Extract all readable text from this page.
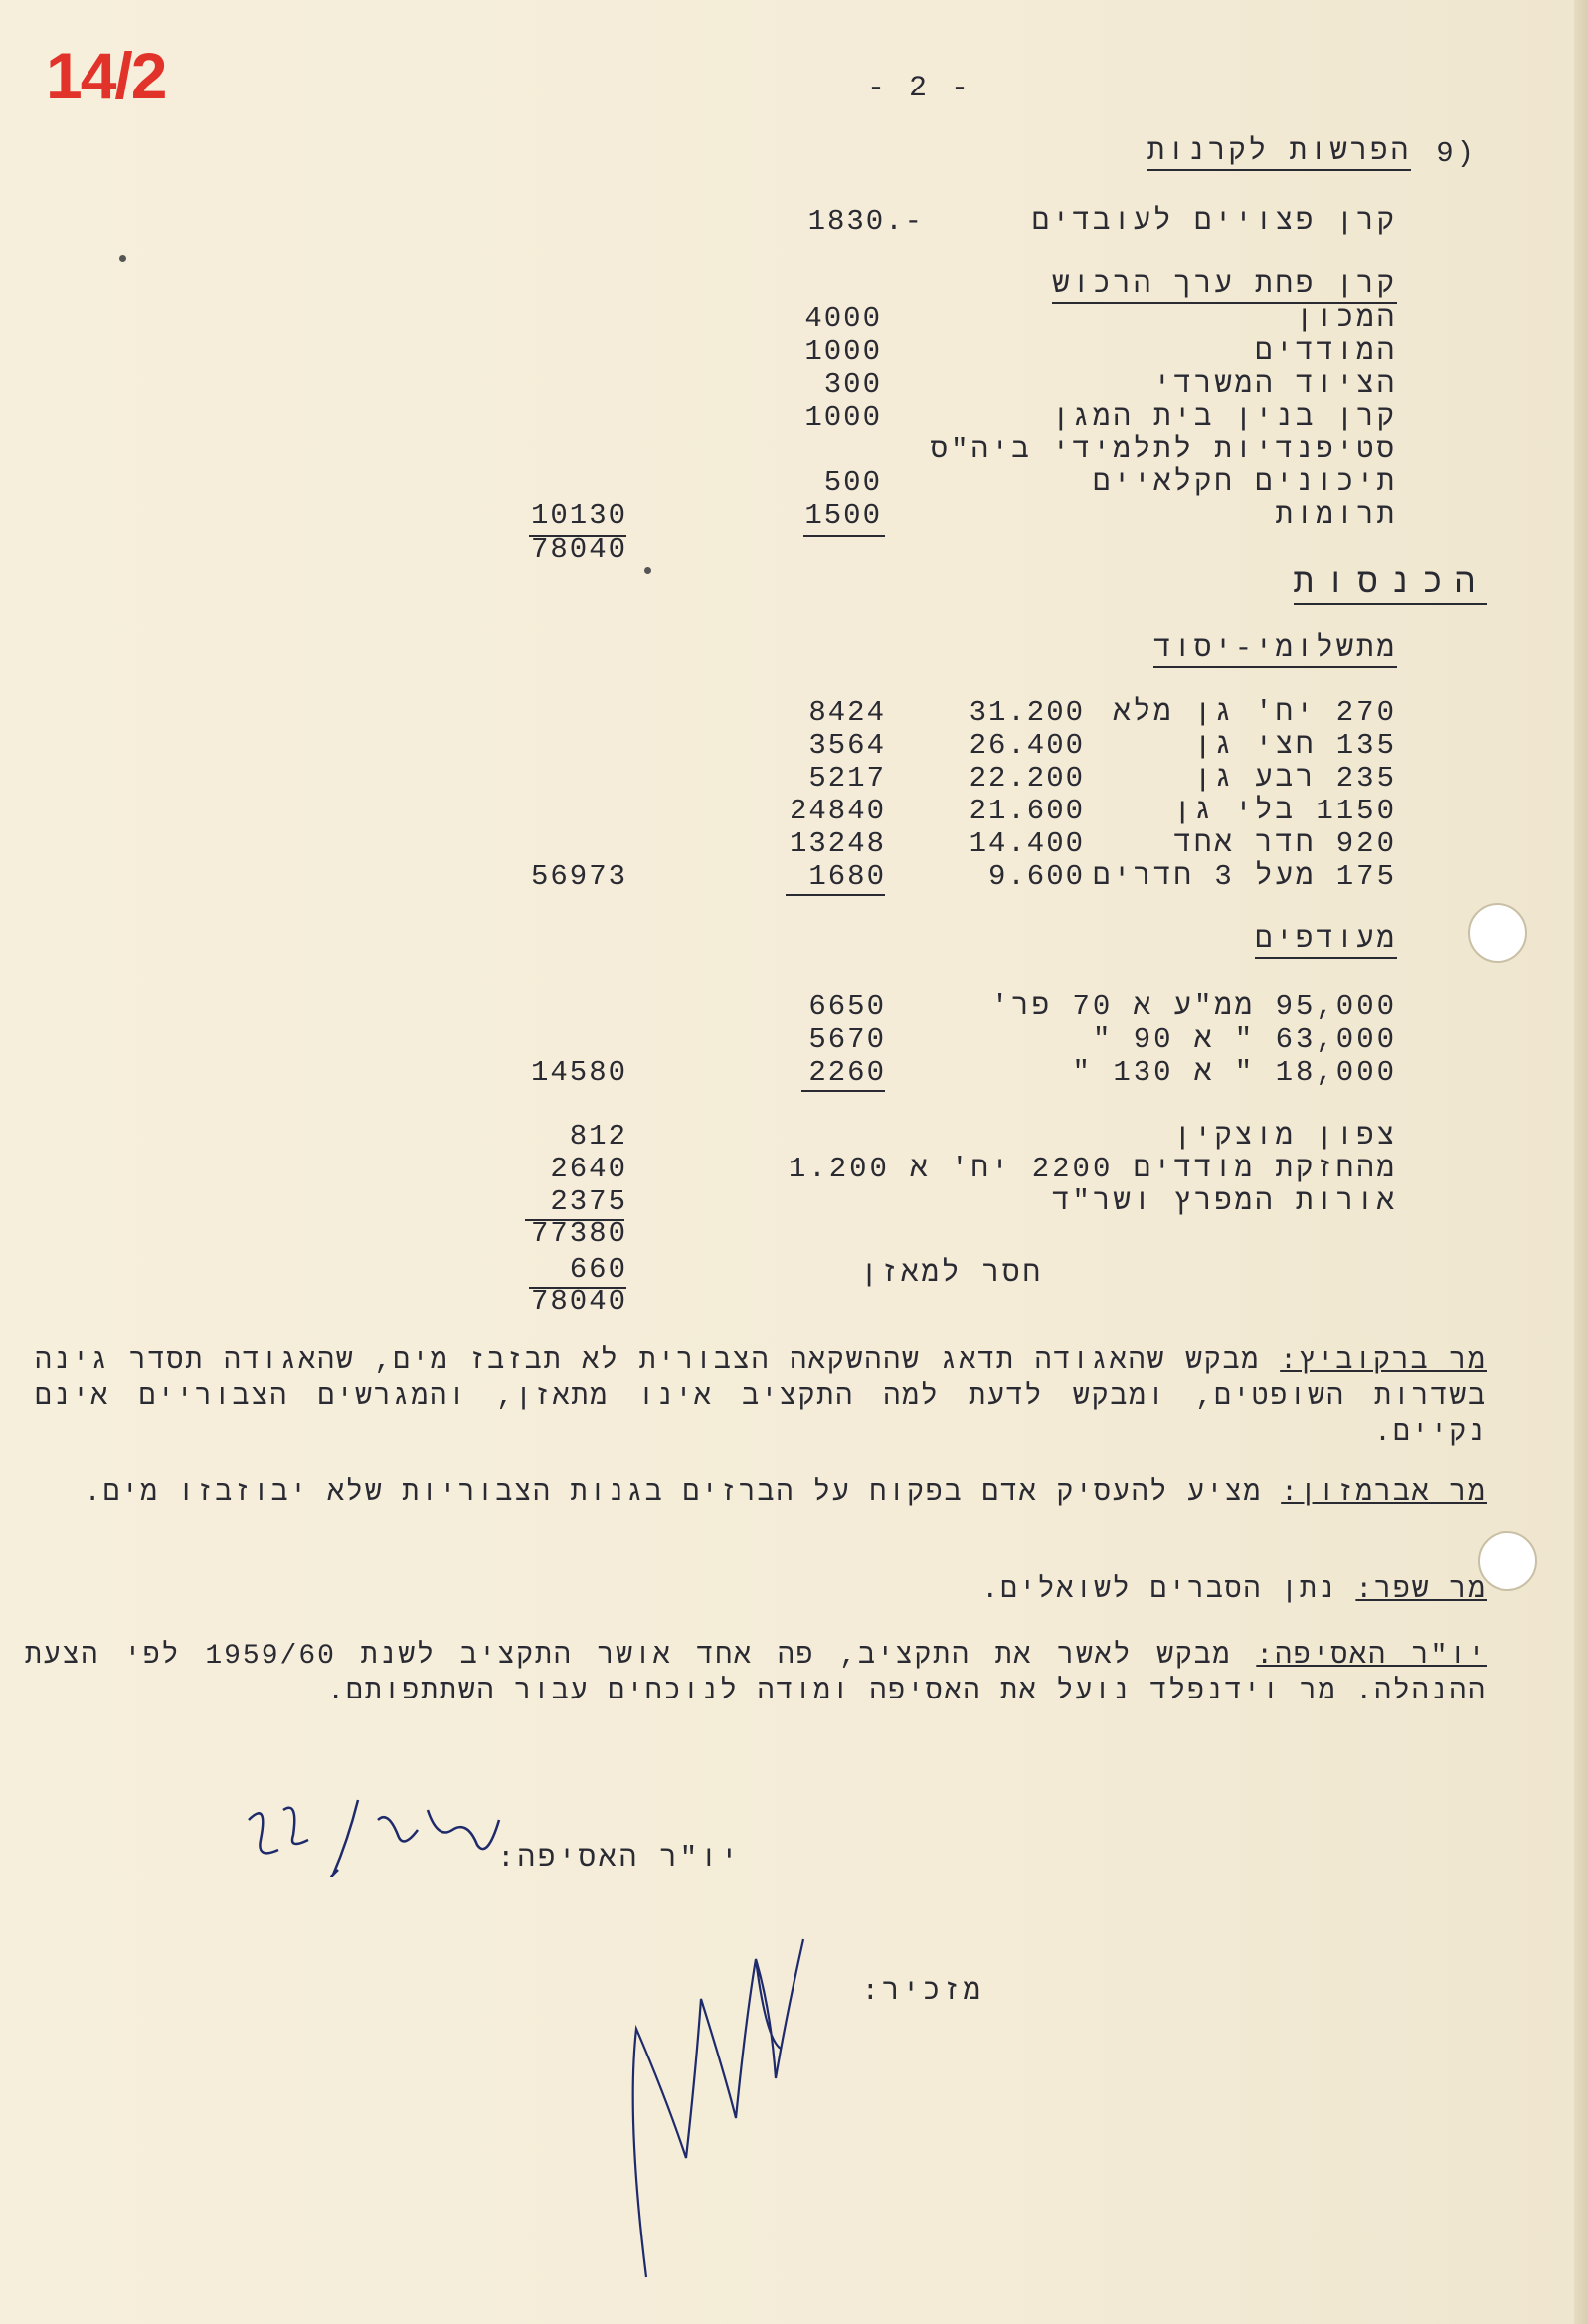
14/2	- 2 -
(9
הפרשות לקרנות
קרן פצויים לעובדים
1830.-
קרן פחת ערך הרכוש
המכון
4000
המודדים
1000
הציוד המשרדי
300
קרן בנין בית המגן
1000
סטיפנדיות לתלמידי ביה"ס
תיכונים חקלאיים
500
תרומות
1500
10130
78040
הכנסות
מתשלומי-יסוד
270 יח' גן מלא
31.200
8424
135 חצי גן
26.400
3564
235 רבע גן
22.200
5217
1150 בלי גן
21.600
24840
920 חדר אחד
14.400
13248
175 מעל 3 חדרים
9.600
1680
56973
מעודפים
95,000 ממ"ע א 70 פר'
6650
63,000 " א 90 "
5670
18,000 " א 130 "
2260
14580
צפון מוצקין
812
מהחזקת מודדים 2200 יח' א 1.200
2640
אורות המפרץ ושר"ד
2375
77380
חסר למאזן
660
78040
מר ברקוביץ: מבקש שהאגודה תדאג שההשקאה הצבורית לא תבזבז מים, שהאגודה תסדר גינה בשדרות השופטים, ומבקש לדעת למה התקציב אינו מתאזן, והמגרשים הצבוריים אינם נקיים.
מר אברמזון: מציע להעסיק אדם בפקוח על הברזים בגנות הצבוריות שלא יבוזבזו מים.
מר שפר: נתן הסברים לשואלים.
יו"ר האסיפה: מבקש לאשר את התקציב, פה אחד אושר התקציב לשנת 1959/60 לפי הצעת ההנהלה. מר וידנפלד נועל את האסיפה ומודה לנוכחים עבור השתתפותם.
יו"ר האסיפה:
מזכיר:
